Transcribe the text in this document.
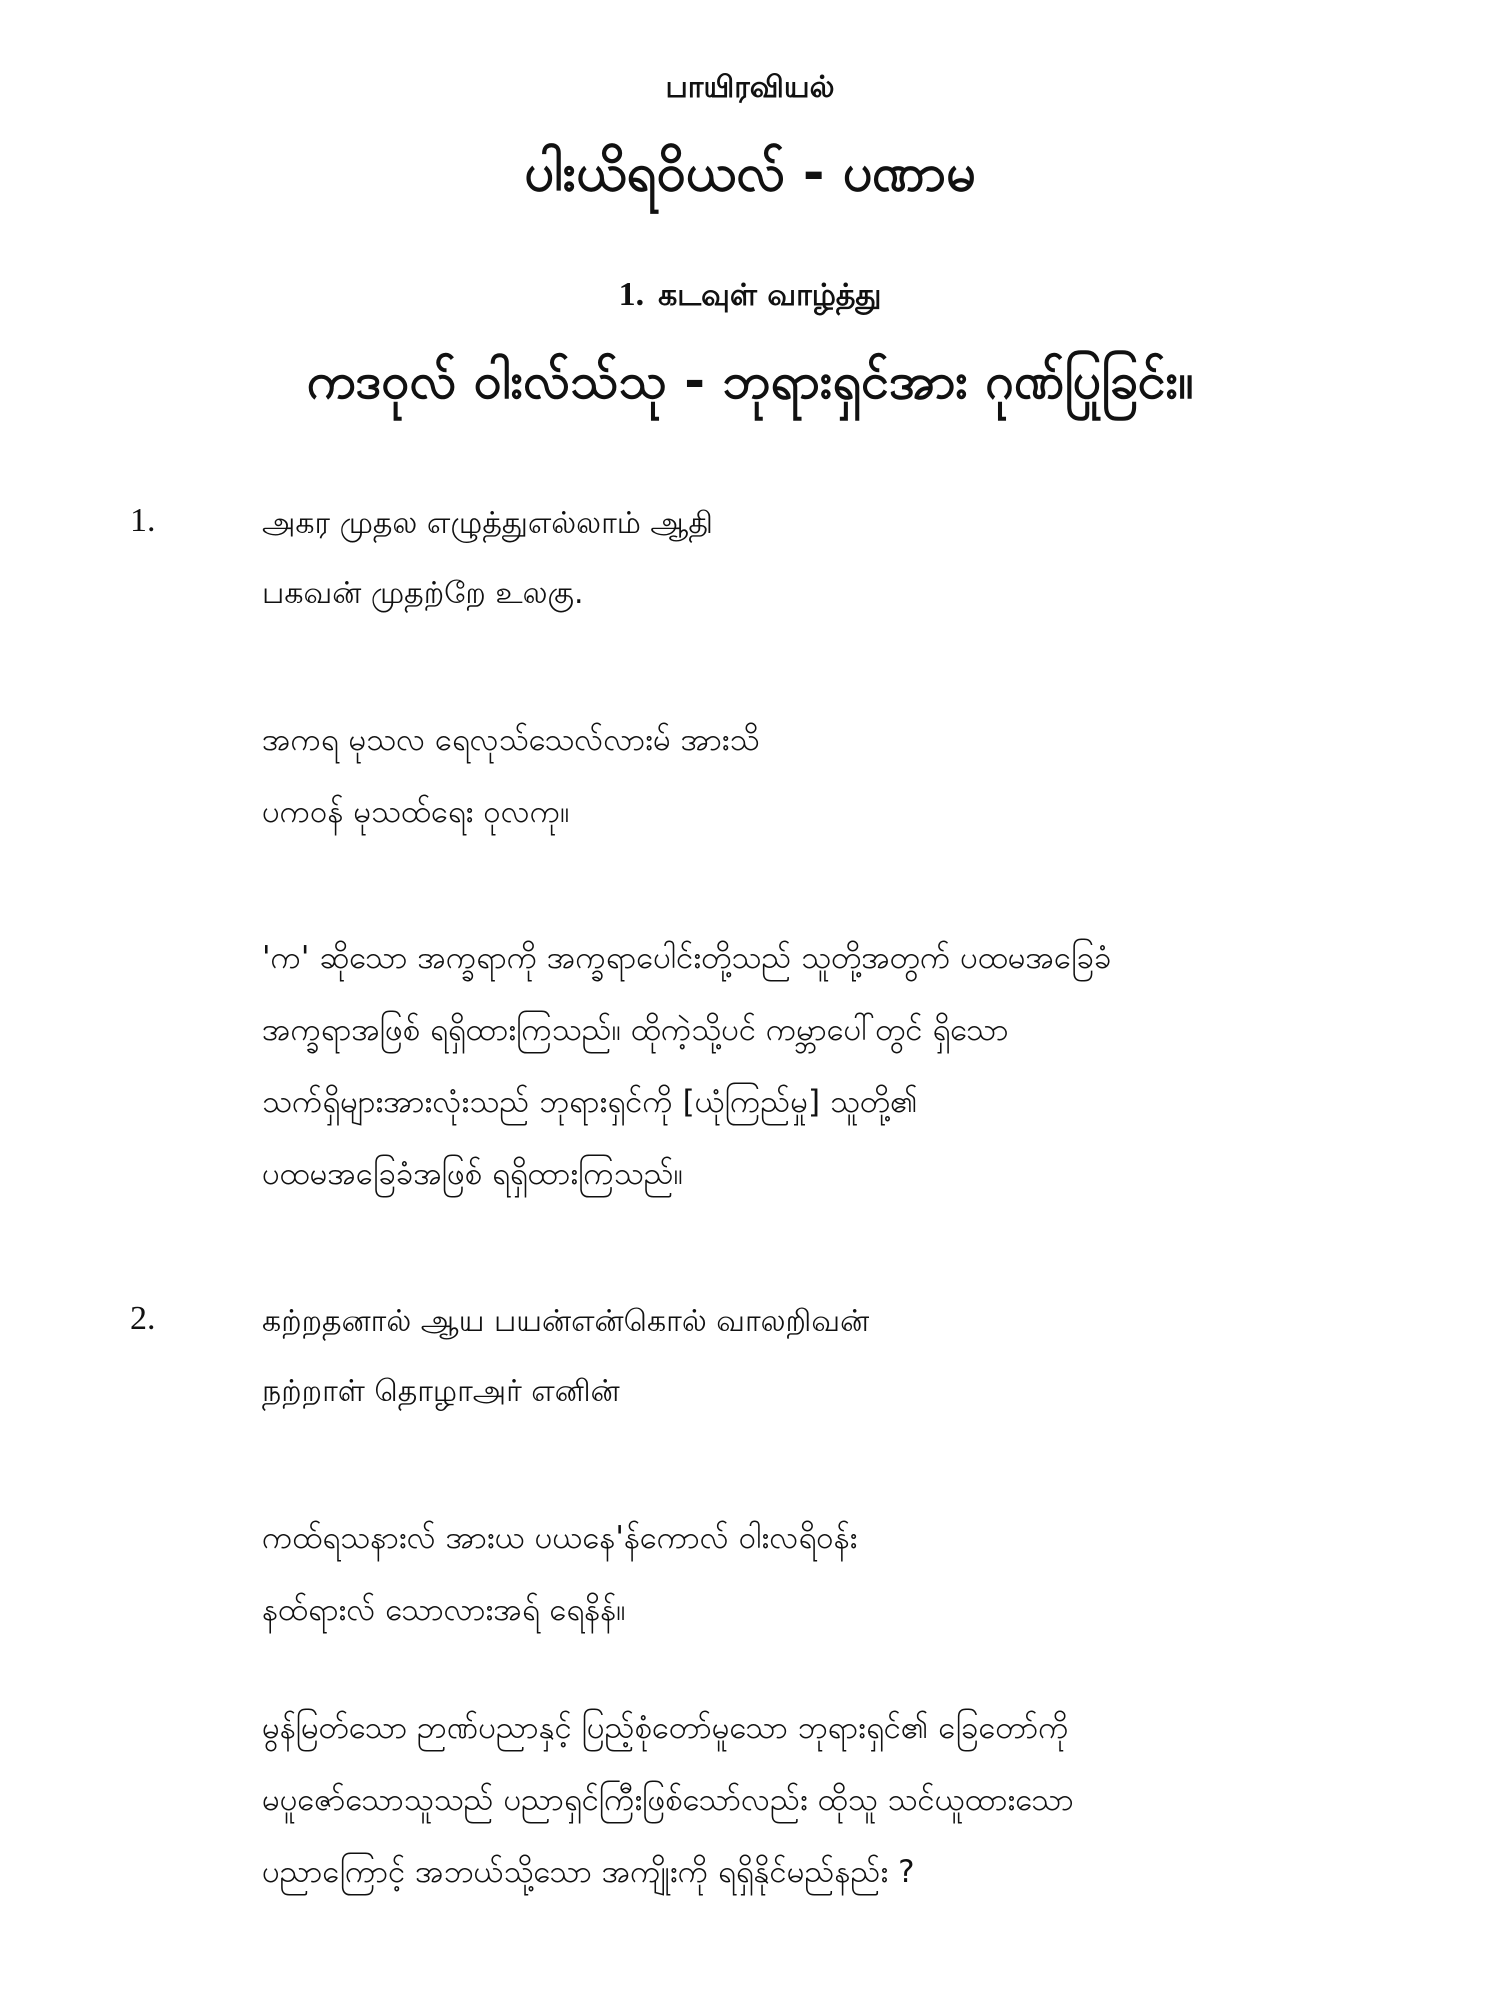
பாயிரவியல்
ပါးယိရဝိယလ် - ပဏာမ
1. கடவுள் வாழ்த்து
ကဒဝုလ် ဝါးလ်သ်သု - ဘုရားရှင်အား ဂုဏ်ပြုခြင်း။
1.	அகர முதல எழுத்துஎல்லாம் ஆதி
பகவன் முதற்றே உலகு.
အကရ မုသလ ရေလုသ်သေလ်လားမ် အားသိ
ပကဝန် မုသထ်ရေး ဝုလကု။
'က' ဆိုသော အက္ခရာကို အက္ခရာပေါင်းတို့သည် သူတို့အတွက် ပထမအခြေခံ
အက္ခရာအဖြစ် ရရှိထားကြသည်။ ထိုကဲ့သို့ပင် ကမ္ဘာပေါ်တွင် ရှိသော
သက်ရှိများအားလုံးသည် ဘုရားရှင်ကို [ယုံကြည်မှု] သူတို့၏
ပထမအခြေခံအဖြစ် ရရှိထားကြသည်။
2.	கற்றதனால் ஆய பயன்என்கொல் வாலறிவன்
நற்றாள் தொழாஅர் எனின்
ကထ်ရသနားလ် အားယ ပယနေ'န်ကောလ် ဝါးလရိဝန်း
နထ်ရားလ် သောလားအရ် ရေနိန်။
မွန်မြတ်သော ဉာဏ်ပညာနှင့် ပြည့်စုံတော်မူသော ဘုရားရှင်၏ ခြေတော်ကို
မပူဇော်သောသူသည် ပညာရှင်ကြီးဖြစ်သော်လည်း ထိုသူ သင်ယူထားသော
ပညာကြောင့် အဘယ်သို့သော အကျိုးကို ရရှိနိုင်မည်နည်း ?
